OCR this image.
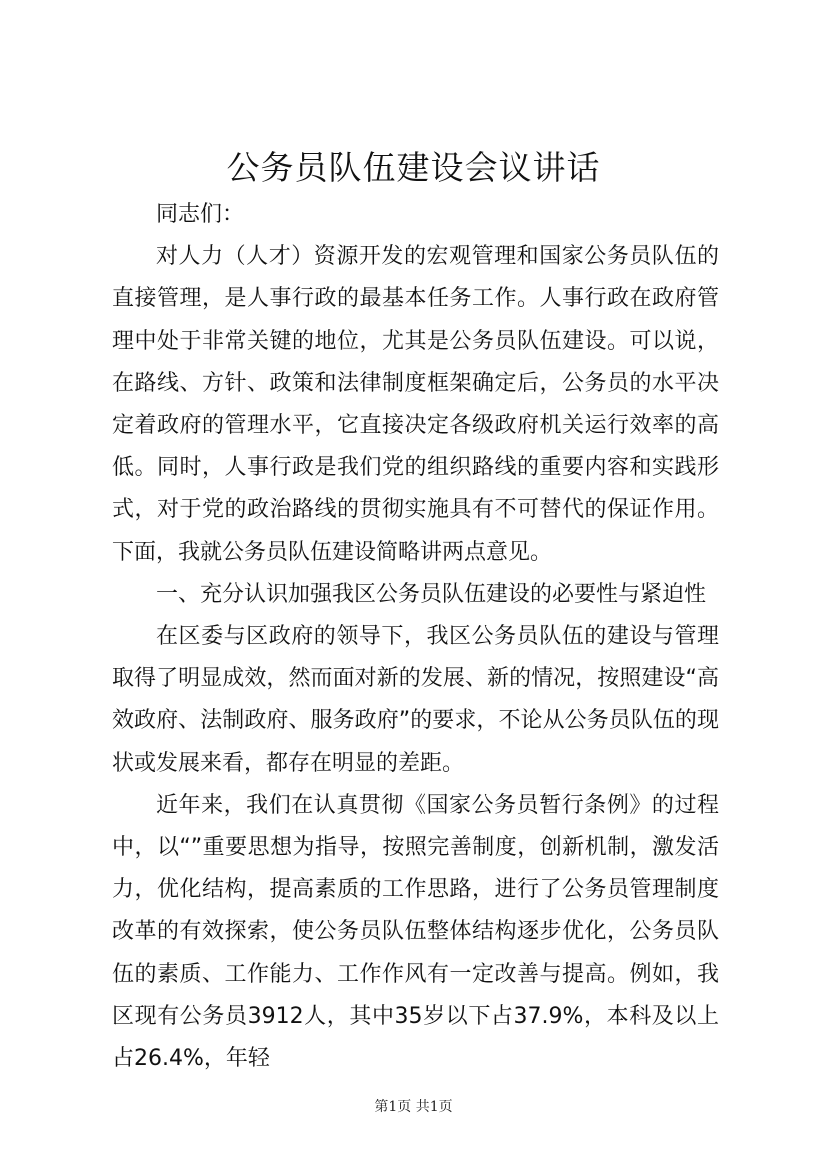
公务员队伍建设会议讲话

同志们：

对人力（人才）资源开发的宏观管理和国家公务员队伍的直接管理，是人事行政的最基本任务工作。人事行政在政府管理中处于非常关键的地位，尤其是公务员队伍建设。可以说，在路线、方针、政策和法律制度框架确定后，公务员的水平决定着政府的管理水平，它直接决定各级政府机关运行效率的高低。同时，人事行政是我们党的组织路线的重要内容和实践形式，对于党的政治路线的贯彻实施具有不可替代的保证作用。下面，我就公务员队伍建设简略讲两点意见。

一、充分认识加强我区公务员队伍建设的必要性与紧迫性

在区委与区政府的领导下，我区公务员队伍的建设与管理取得了明显成效，然而面对新的发展、新的情况，按照建设“高效政府、法制政府、服务政府”的要求，不论从公务员队伍的现状或发展来看，都存在明显的差距。

近年来，我们在认真贯彻《国家公务员暂行条例》的过程中，以“”重要思想为指导，按照完善制度，创新机制，激发活力，优化结构，提高素质的工作思路，进行了公务员管理制度改革的有效探索，使公务员队伍整体结构逐步优化，公务员队伍的素质、工作能力、工作作风有一定改善与提高。例如，我区现有公务员3912人，其中35岁以下占37.9%，本科及以上占26.4%，年轻

第1页 共1页
